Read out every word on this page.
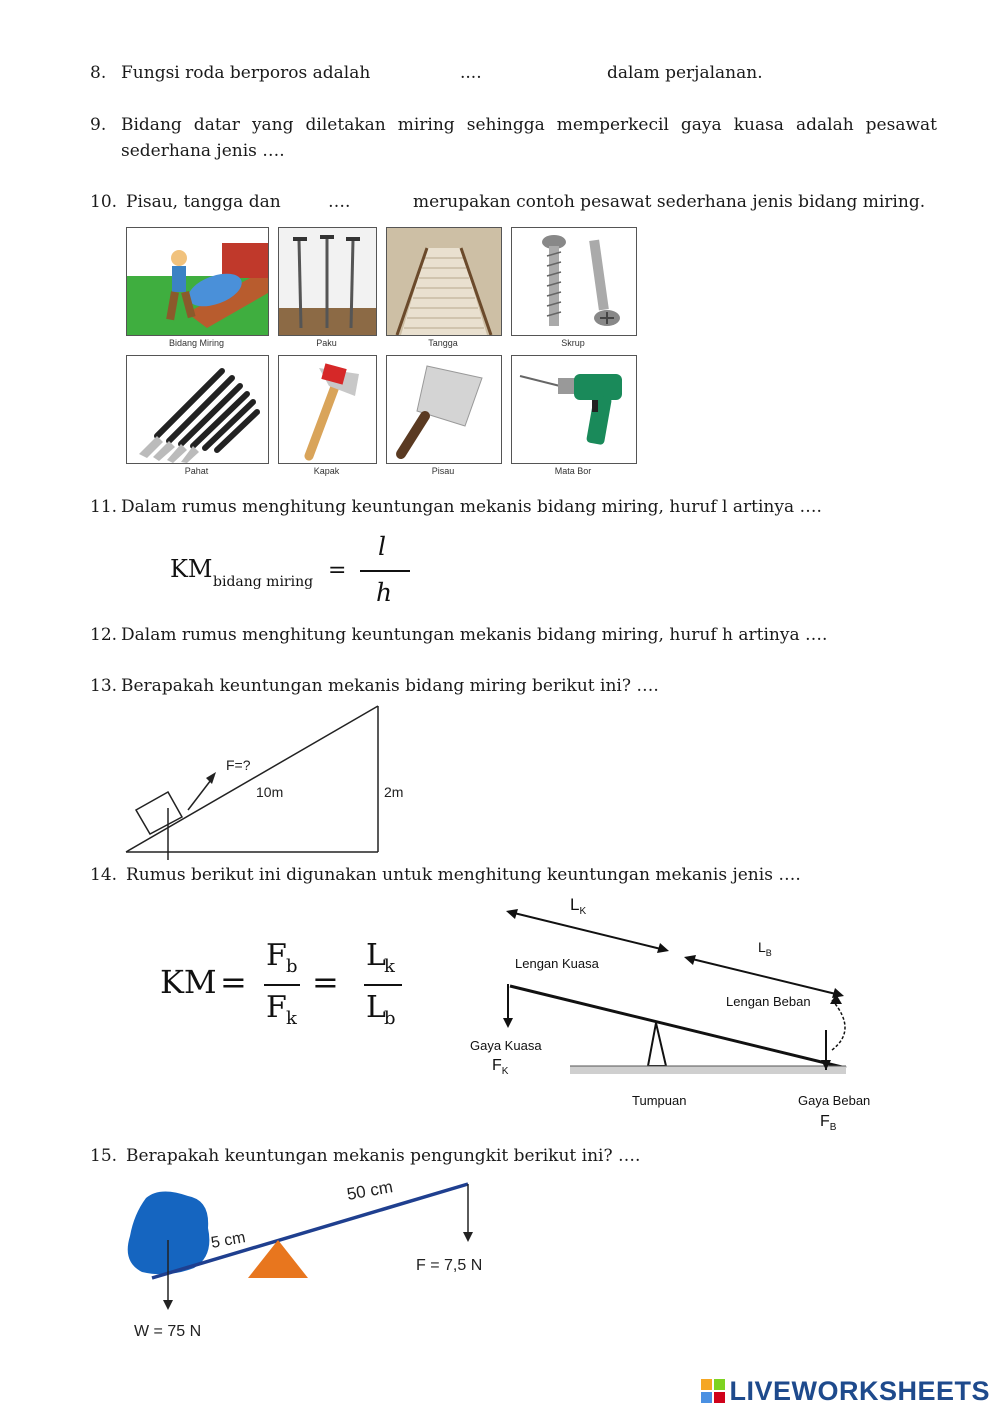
8. Fungsi roda berporos adalah	....	dalam perjalanan.
9. Bidang datar yang diletakan miring sehingga memperkecil gaya kuasa adalah pesawat
sederhana jenis ….
10. Pisau, tangga dan	….	merupakan contoh pesawat sederhana jenis bidang miring.
Bidang Miring	Paku	Tangga	Skrup
Pahat	Kapak	Pisau	Mata Bor
11. Dalam rumus menghitung keuntungan mekanis bidang miring, huruf l artinya ….
KM bidang miring =
l
h
12. Dalam rumus menghitung keuntungan mekanis bidang miring, huruf h artinya ….
13. Berapakah keuntungan mekanis bidang miring berikut ini? ….
F=?
10m	2m
14. Rumus berikut ini digunakan untuk menghitung keuntungan mekanis jenis ….
KM =
F b
F k
=
L
k
L
b
$L_K$
$L_B$
Lengan Kuasa
Lengan Beban
Gaya Kuasa
$F_K$
Tumpuan	Gaya Beban
$F_B$
15. Berapakah keuntungan mekanis pengungkit berikut ini? ….
50 cm
5 cm
F = 7,5 N
W = 75 N
LIVEWORKSHEETS
